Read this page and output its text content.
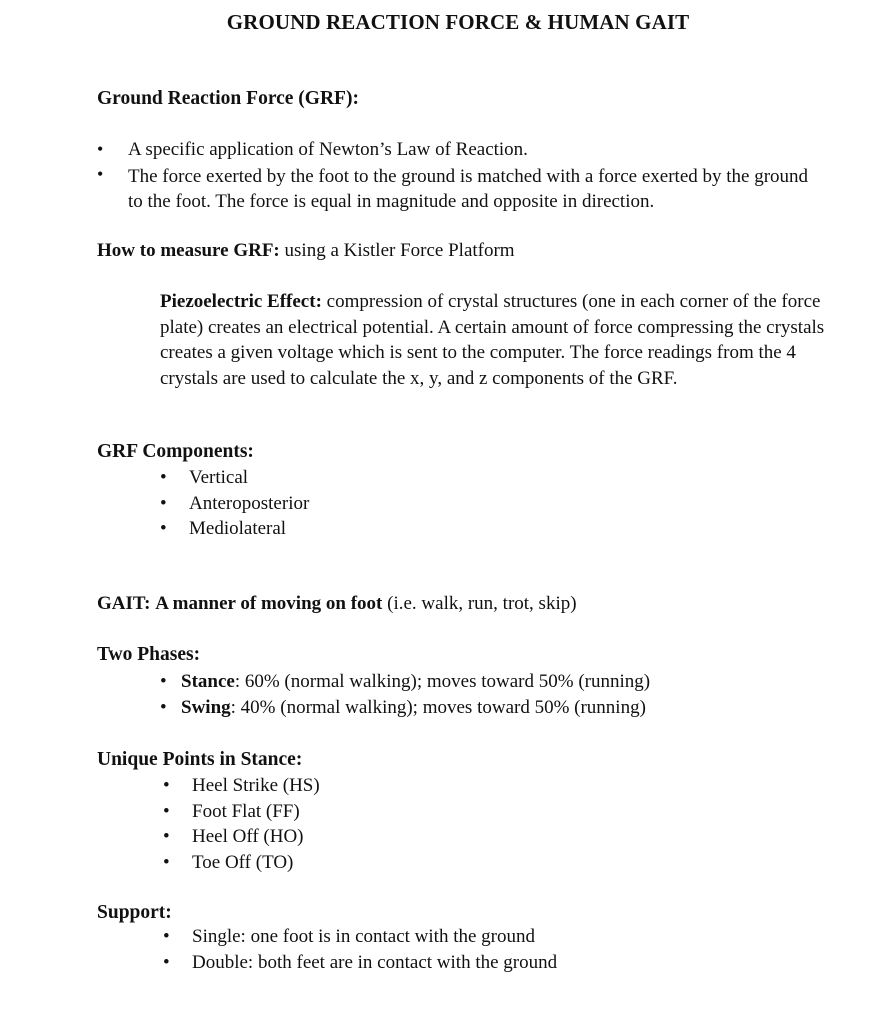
GROUND REACTION FORCE & HUMAN GAIT
Ground Reaction Force (GRF):
•	A specific application of Newton’s Law of Reaction.
•	The force exerted by the foot to the ground is matched with a force exerted by the ground to the foot. The force is equal in magnitude and opposite in direction.
How to measure GRF: using a Kistler Force Platform
Piezoelectric Effect: compression of crystal structures (one in each corner of the force plate) creates an electrical potential. A certain amount of force compressing the crystals creates a given voltage which is sent to the computer. The force readings from the 4 crystals are used to calculate the x, y, and z components of the GRF.
GRF Components:
•	Vertical
•	Anteroposterior
•	Mediolateral
GAIT: A manner of moving on foot (i.e. walk, run, trot, skip)
Two Phases:
• Stance : 60% (normal walking); moves toward 50% (running)
• Swing : 40% (normal walking); moves toward 50% (running)
Unique Points in Stance:
•	Heel Strike (HS)
•	Foot Flat (FF)
•	Heel Off (HO)
•	Toe Off (TO)
Support:
•	Single: one foot is in contact with the ground
•	Double: both feet are in contact with the ground
